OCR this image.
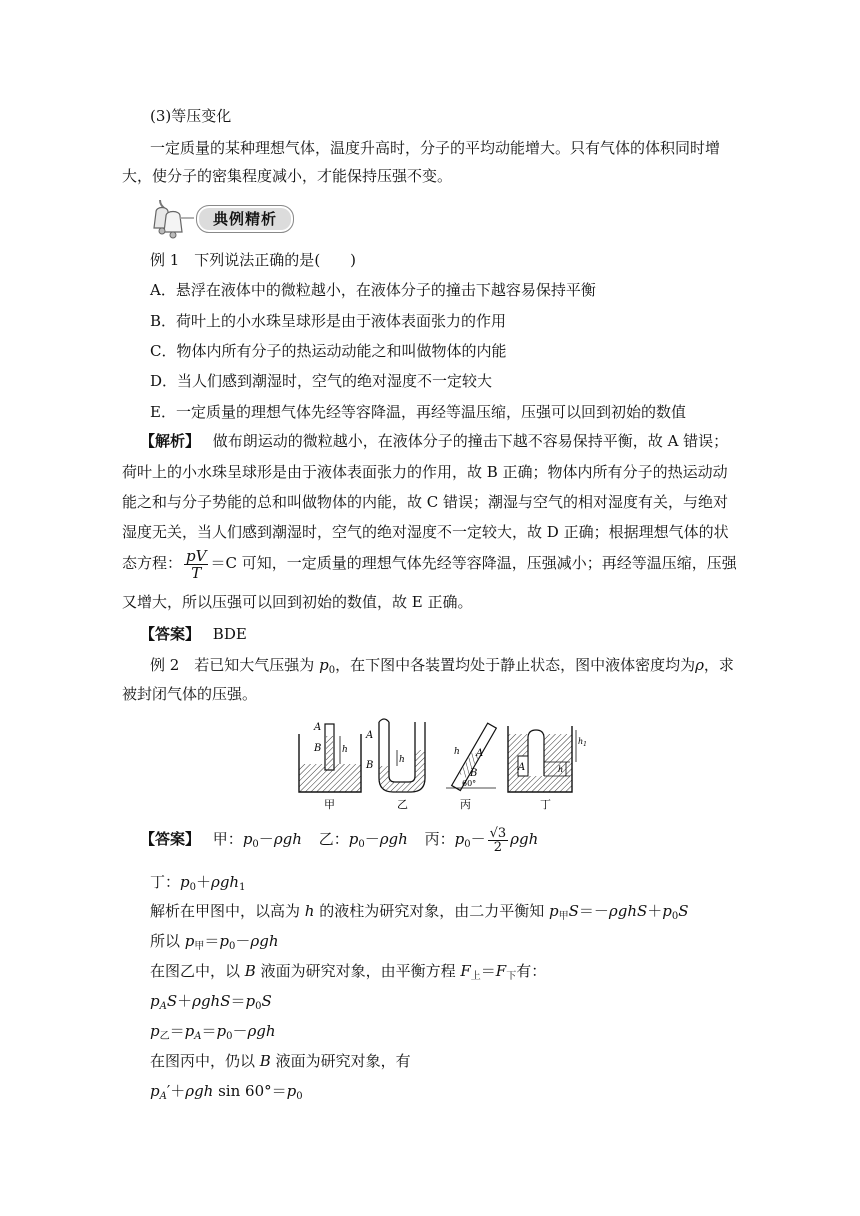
(3)等压变化
一定质量的某种理想气体，温度升高时，分子的平均动能增大。只有气体的体积同时增
大，使分子的密集程度减小，才能保持压强不变。
典例精析
例 1　下列说法正确的是(　　)
A．悬浮在液体中的微粒越小，在液体分子的撞击下越容易保持平衡
B．荷叶上的小水珠呈球形是由于液体表面张力的作用
C．物体内所有分子的热运动动能之和叫做物体的内能
D．当人们感到潮湿时，空气的绝对湿度不一定较大
E．一定质量的理想气体先经等容降温，再经等温压缩，压强可以回到初始的数值
【解析】 做布朗运动的微粒越小，在液体分子的撞击下越不容易保持平衡，故 A 错误；
荷叶上的小水珠呈球形是由于液体表面张力的作用，故 B 正确；物体内所有分子的热运动动
能之和与分子势能的总和叫做物体的内能，故 C 错误；潮湿与空气的相对湿度有关，与绝对
湿度无关，当人们感到潮湿时，空气的绝对湿度不一定较大，故 D 正确；根据理想气体的状
态方程： $\frac{pV}{T} =C$ 可知，一定质量的理想气体先经等容降温，压强减小；再经等温压缩，压强
又增大，所以压强可以回到初始的数值，故 E 正确。
【答案】 BDE
例 2　若已知大气压强为 $p_0$，在下图中各装置均处于静止状态，图中液体密度均为ρ，求
被封闭气体的压强。
A
B h
甲
A
B	h
乙
60°
h A
B
丙
A
$h_1$
h
丁
【答案】 甲：$p_0-\rho gh$ 乙：$p_0-\rho gh$ 丙：$p_0- \frac{√3}{2}$ ρgh
丁：$p_0+\rho gh_1$
解析在甲图中，以高为 h 的液柱为研究对象，由二力平衡知 $p_甲S=-\rho ghS+p_0S$
所以 $p_甲=p_0-\rho gh$
在图乙中，以 B 液面为研究对象，由平衡方程 $F_上=F_下$有：
$p_AS+\rho ghS=p_0S$
$p_乙=p_A=p_0-\rho gh$
在图丙中，仍以 B 液面为研究对象，有
$p_A'+\rho gh$ $\sin 60^\circ=p_0$
